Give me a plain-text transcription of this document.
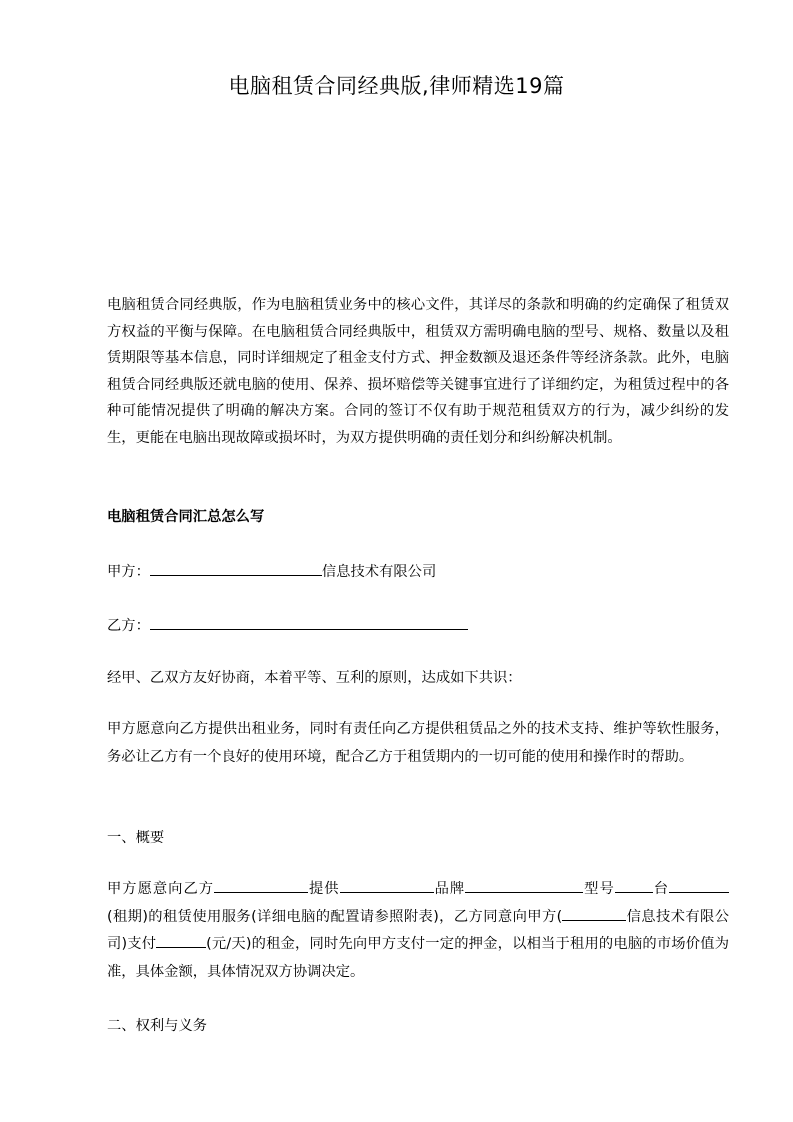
电脑租赁合同经典版,律师精选19篇
电脑租赁合同经典版，作为电脑租赁业务中的核心文件，其详尽的条款和明确的约定确保了租赁双方权益的平衡与保障。在电脑租赁合同经典版中，租赁双方需明确电脑的型号、规格、数量以及租赁期限等基本信息，同时详细规定了租金支付方式、押金数额及退还条件等经济条款。此外，电脑租赁合同经典版还就电脑的使用、保养、损坏赔偿等关键事宜进行了详细约定，为租赁过程中的各种可能情况提供了明确的解决方案。合同的签订不仅有助于规范租赁双方的行为，减少纠纷的发生，更能在电脑出现故障或损坏时，为双方提供明确的责任划分和纠纷解决机制。
电脑租赁合同汇总怎么写
甲方：	信息技术有限公司
乙方：
经甲、乙双方友好协商，本着平等、互利的原则，达成如下共识：
甲方愿意向乙方提供出租业务，同时有责任向乙方提供租赁品之外的技术支持、维护等软性服务，务必让乙方有一个良好的使用环境，配合乙方于租赁期内的一切可能的使用和操作时的帮助。
一、概要
甲方愿意向乙方	提供	品牌	型号	台(租期)的租赁使用服务(详细电脑的配置请参照附表)，乙方同意向甲方(	信息技术有限公司)支付	(元/天)的租金，同时先向甲方支付一定的押金，以相当于租用的电脑的市场价值为准，具体金额，具体情况双方协调决定。
二、权利与义务
